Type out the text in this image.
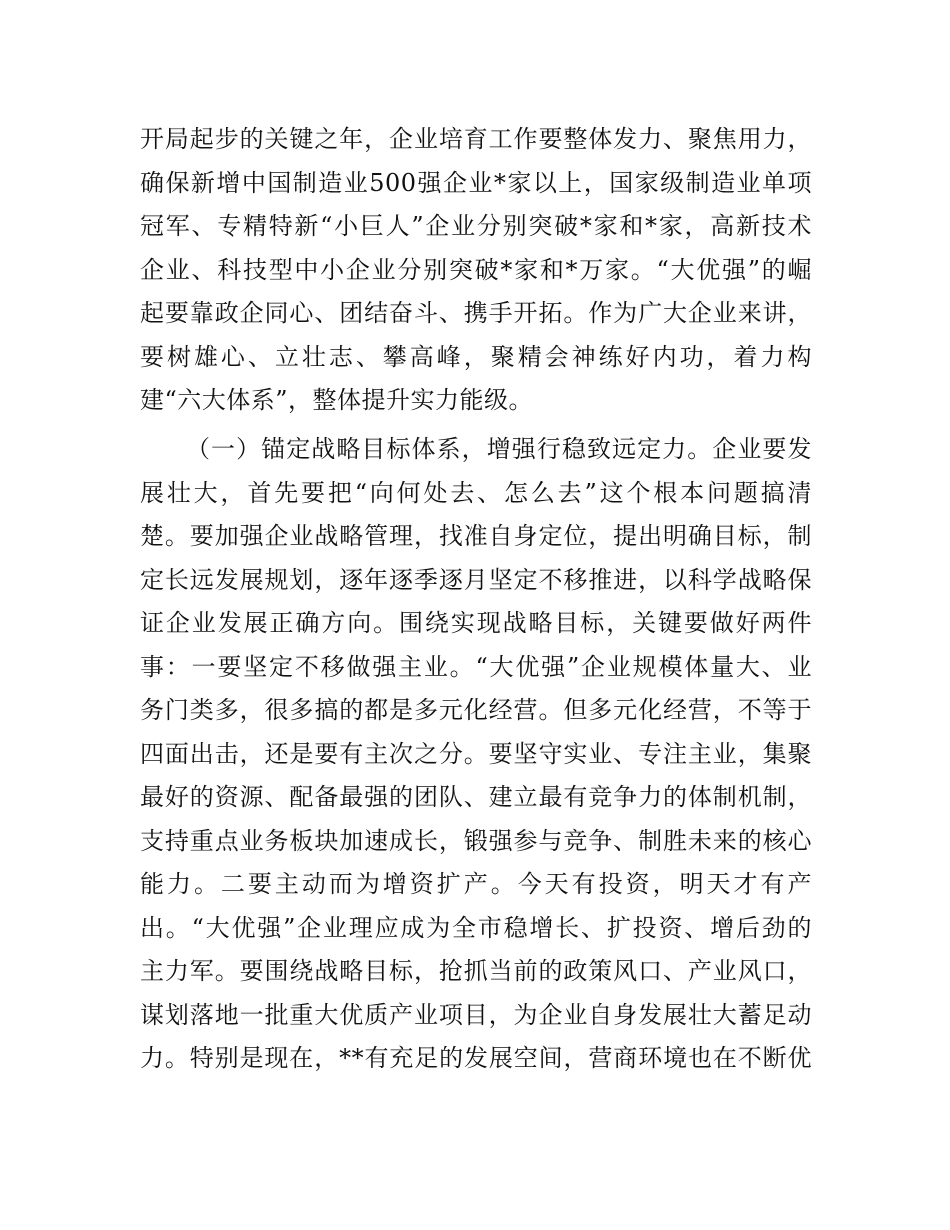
开局起步的关键之年，企业培育工作要整体发力、聚焦用力，
确保新增中国制造业500强企业*家以上，国家级制造业单项
冠军、专精特新“小巨人”企业分别突破*家和*家，高新技术
企业、科技型中小企业分别突破*家和*万家。“大优强”的崛
起要靠政企同心、团结奋斗、携手开拓。作为广大企业来讲，
要树雄心、立壮志、攀高峰，聚精会神练好内功，着力构
建“六大体系”，整体提升实力能级。
（一）锚定战略目标体系，增强行稳致远定力。企业要发
展壮大，首先要把“向何处去、怎么去”这个根本问题搞清
楚。要加强企业战略管理，找准自身定位，提出明确目标，制
定长远发展规划，逐年逐季逐月坚定不移推进，以科学战略保
证企业发展正确方向。围绕实现战略目标，关键要做好两件
事：一要坚定不移做强主业。“大优强”企业规模体量大、业
务门类多，很多搞的都是多元化经营。但多元化经营，不等于
四面出击，还是要有主次之分。要坚守实业、专注主业，集聚
最好的资源、配备最强的团队、建立最有竞争力的体制机制，
支持重点业务板块加速成长，锻强参与竞争、制胜未来的核心
能力。二要主动而为增资扩产。今天有投资，明天才有产
出。“大优强”企业理应成为全市稳增长、扩投资、增后劲的
主力军。要围绕战略目标，抢抓当前的政策风口、产业风口，
谋划落地一批重大优质产业项目，为企业自身发展壮大蓄足动
力。特别是现在，**有充足的发展空间，营商环境也在不断优
